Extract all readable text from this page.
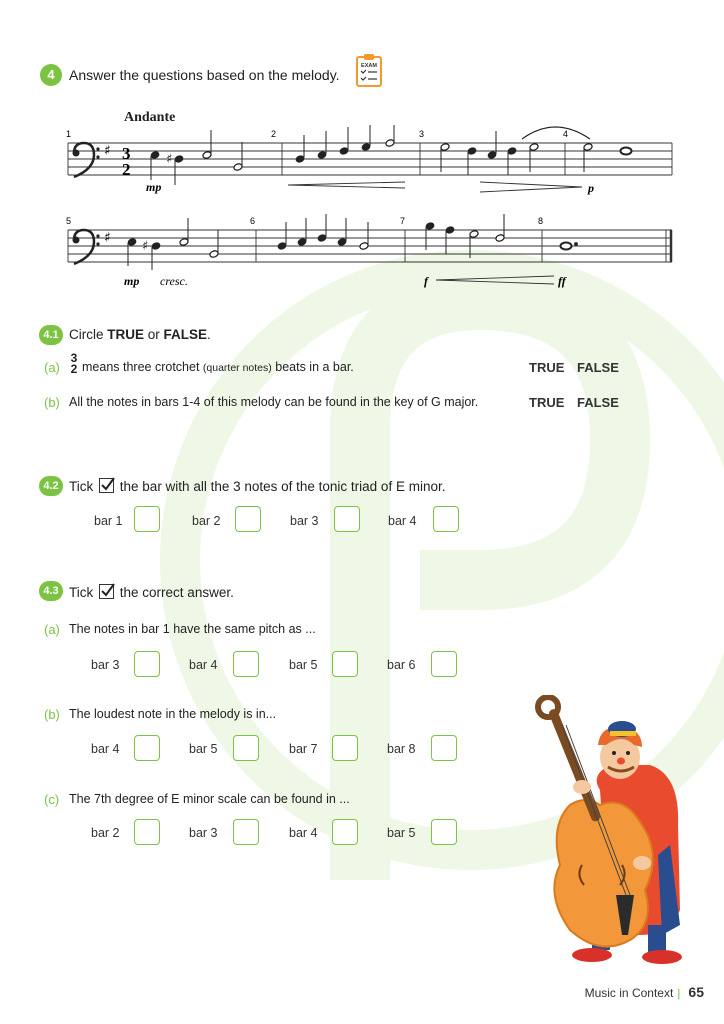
4	Answer the questions based on the melody.
EXAM
Andante
♯ 3
2
♯
1	2	3	4
mp	p
♯
♯
5	6	7	8
mp cresc.	f	ff
4.1 Circle TRUE or FALSE.
(a)
3
2 means three crotchet (quarter notes) beats in a bar.	TRUE FALSE
(b) All the notes in bars 1-4 of this melody can be found in the key of G major.	TRUE FALSE
4.2 Tick the bar with all the 3 notes of the tonic triad of E minor.
bar 1	bar 2	bar 3	bar 4
4.3 Tick the correct answer.
(a) The notes in bar 1 have the same pitch as ...
bar 3	bar 4	bar 5	bar 6
(b) The loudest note in the melody is in...
bar 4	bar 5	bar 7	bar 8
(c) The 7th degree of E minor scale can be found in ...
bar 2	bar 3	bar 4	bar 5
Music in Context | 65
